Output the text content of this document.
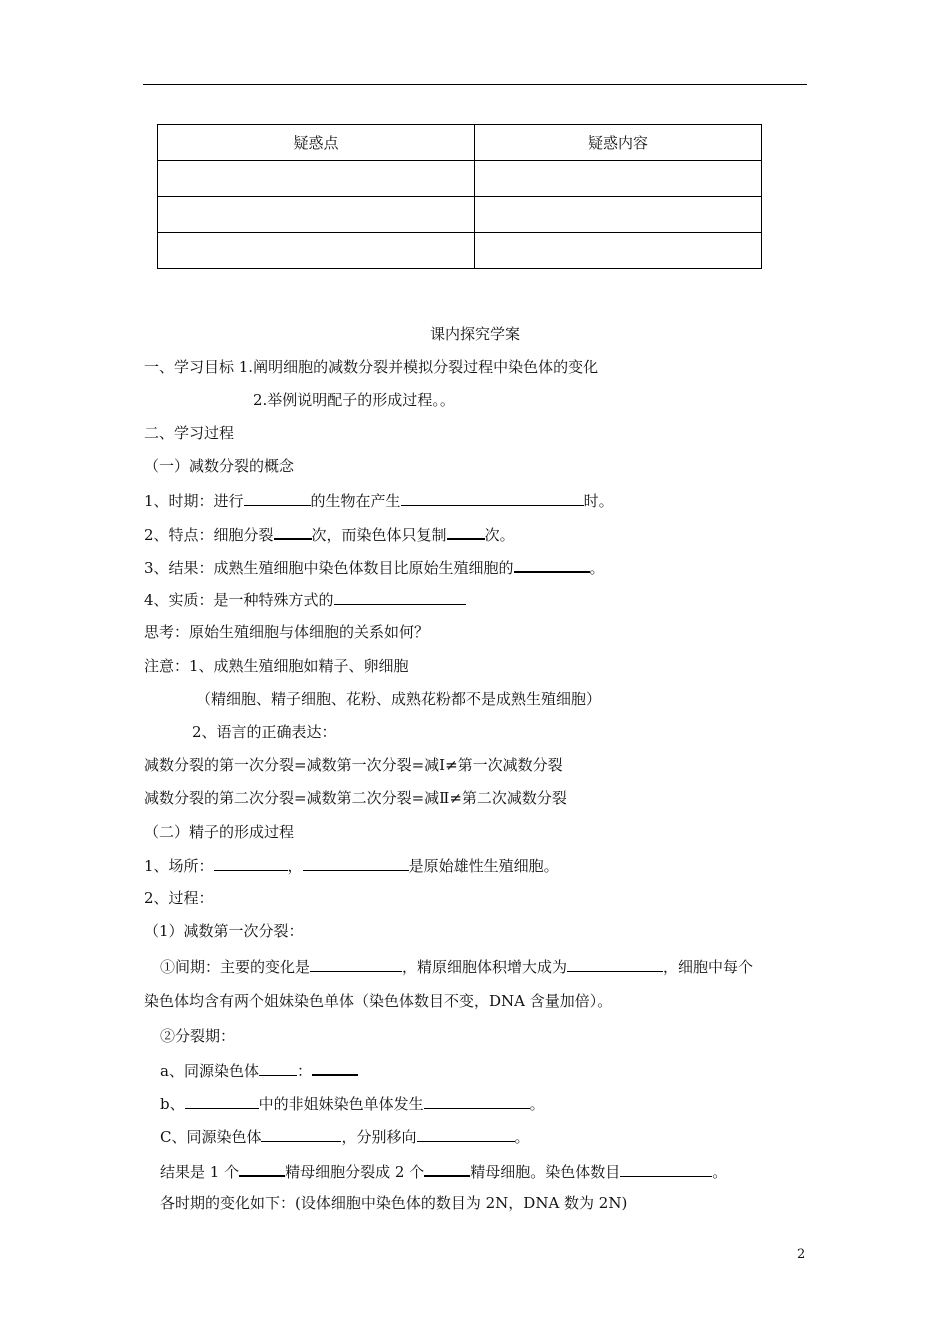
疑惑点	疑惑内容

课内探究学案
一、学习目标 1.阐明细胞的减数分裂并模拟分裂过程中染色体的变化
2.举例说明配子的形成过程。。
二、学习过程
（一）减数分裂的概念
1、时期：进行	的生物在产生	时。
2、特点：细胞分裂	次，而染色体只复制	次。
3、结果：成熟生殖细胞中染色体数目比原始生殖细胞的	。
4、实质：是一种特殊方式的
思考：原始生殖细胞与体细胞的关系如何？
注意：1、成熟生殖细胞如精子、卵细胞
（精细胞、精子细胞、花粉、成熟花粉都不是成熟生殖细胞）
2、语言的正确表达：
减数分裂的第一次分裂=减数第一次分裂=减Ⅰ≠第一次减数分裂
减数分裂的第二次分裂=减数第二次分裂=减Ⅱ≠第二次减数分裂
（二）精子的形成过程
1、场所：	，	是原始雄性生殖细胞。
2、过程：
（1）减数第一次分裂：
①间期：主要的变化是	，精原细胞体积增大成为	，细胞中每个
染色体均含有两个姐妹染色单体（染色体数目不变，DNA 含量加倍）。
②分裂期：
a、同源染色体	：
b、	中的非姐妹染色单体发生	。
C、同源染色体	，分别移向	。
结果是 1 个	精母细胞分裂成 2 个	精母细胞。染色体数目	。
各时期的变化如下：(设体细胞中染色体的数目为 2N，DNA 数为 2N)
2
